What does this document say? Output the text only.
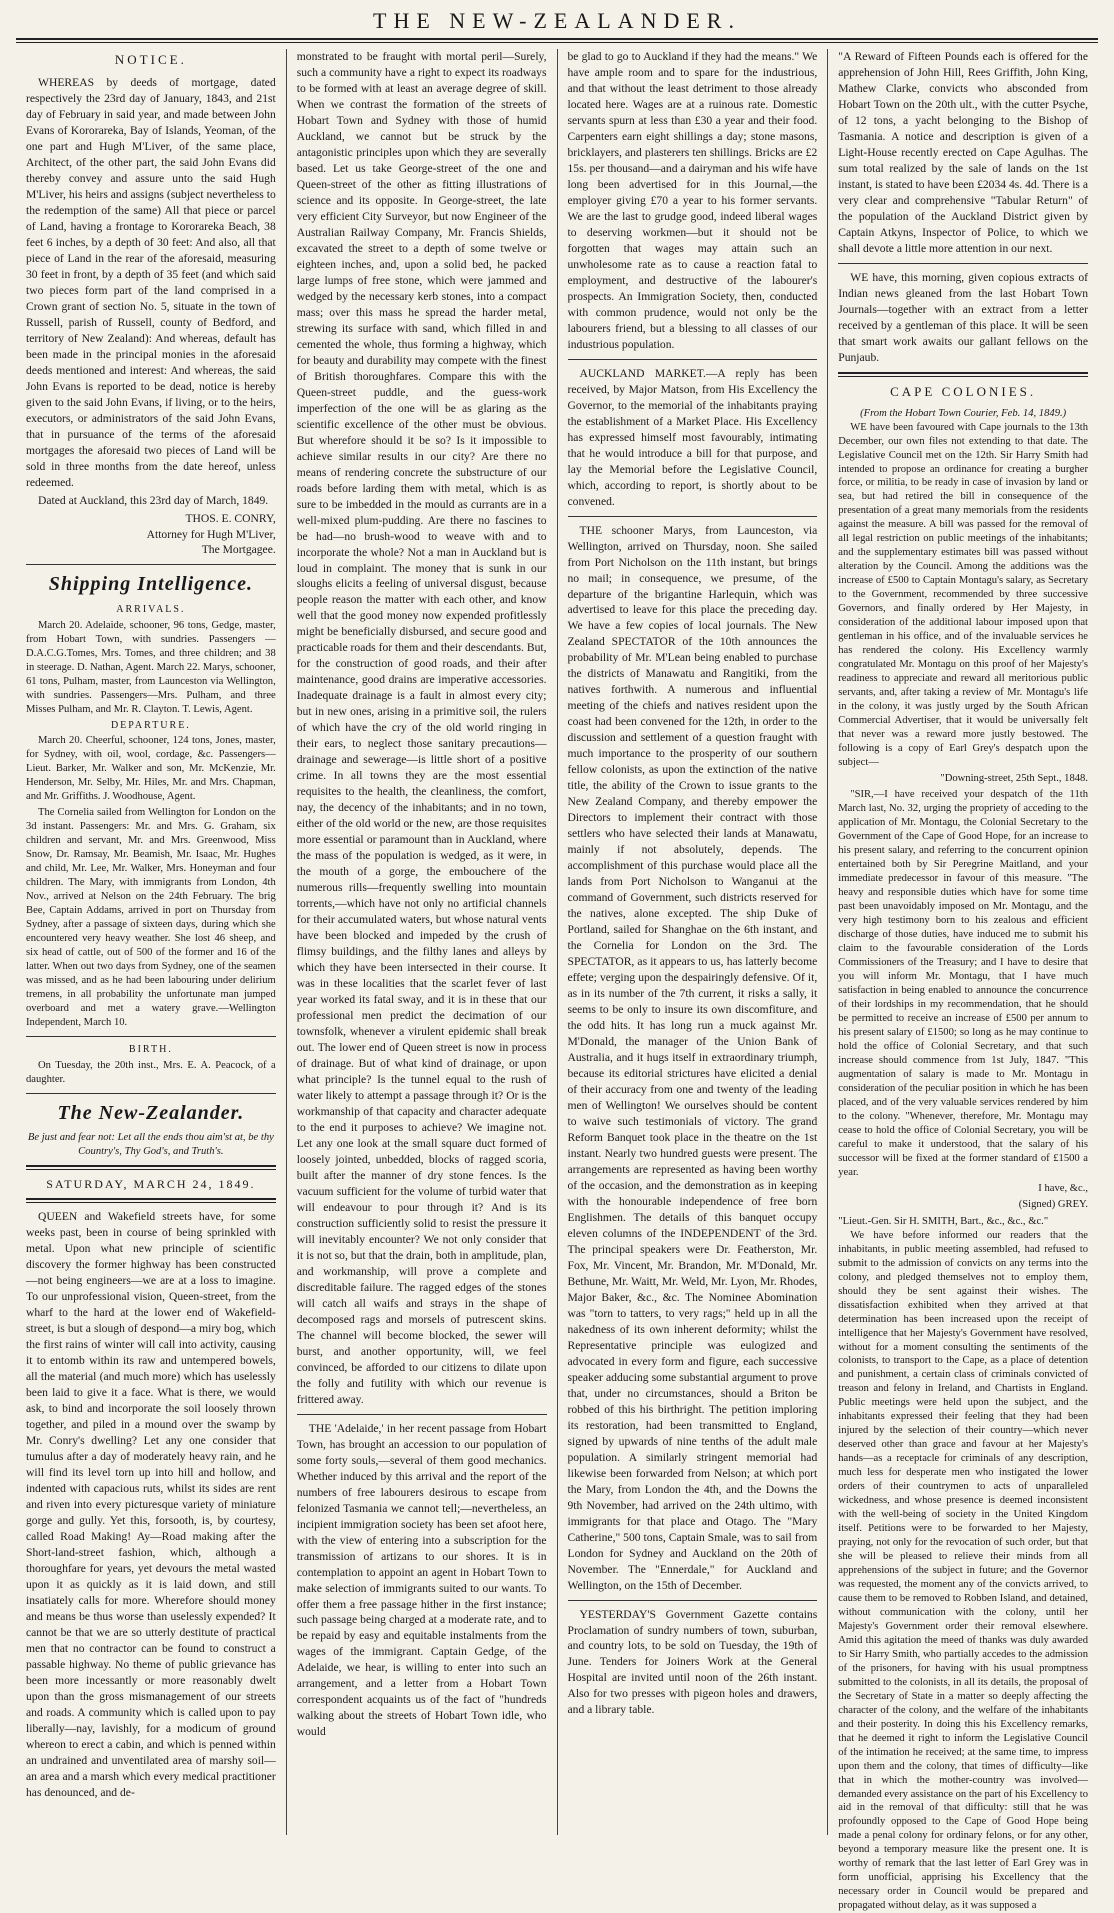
THE NEW-ZEALANDER.
NOTICE.

WHEREAS by deeds of mortgage, dated respectively the 23rd day of January, 1843, and 21st day of February in said year, and made between John Evans of Kororareka, Bay of Islands, Yeoman, of the one part and Hugh M'Liver, of the same place, Architect, of the other part, the said John Evans did thereby convey and assure unto the said Hugh M'Liver, his heirs and assigns (subject nevertheless to the redemption of the same) All that piece or parcel of Land, having a frontage to Kororareka Beach, 38 feet 6 inches, by a depth of 30 feet: And also, all that piece of Land in the rear of the aforesaid, measuring 30 feet in front, by a depth of 35 feet (and which said two pieces form part of the land comprised in a Crown grant of section No. 5, situate in the town of Russell, parish of Russell, county of Bedford, and territory of New Zealand): And whereas, default has been made in the principal monies in the aforesaid deeds mentioned and interest: And whereas, the said John Evans is reported to be dead, notice is hereby given to the said John Evans, if living, or to the heirs, executors, or administrators of the said John Evans, that in pursuance of the terms of the aforesaid mortgages the aforesaid two pieces of Land will be sold in three months from the date hereof, unless redeemed.

Dated at Auckland, this 23rd day of March, 1849.

THOS. E. CONRY,
Attorney for Hugh M'Liver,
The Mortgagee.
Shipping Intelligence.
ARRIVALS.

March 20. Adelaide, schooner, 96 tons, Gedge, master, from Hobart Town, with sundries. Passengers —D.A.C.G.Tomes, Mrs. Tomes, and three children; and 38 in steerage. D. Nathan, Agent. March 22. Marys, schooner, 61 tons, Pulham, master, from Launceston via Wellington, with sundries. Passengers—Mrs. Pulham, and three Misses Pulham, and Mr. R. Clayton. T. Lewis, Agent.

DEPARTURE.

March 20. Cheerful, schooner, 124 tons, Jones, master, for Sydney, with oil, wool, cordage, &c. Passengers—Lieut. Barker, Mr. Walker and son, Mr. McKenzie, Mr. Henderson, Mr. Selby, Mr. Hiles, Mr. and Mrs. Chapman, and Mr. Griffiths. J. Woodhouse, Agent.

The Cornelia sailed from Wellington for London on the 3d instant. Passengers: Mr. and Mrs. G. Graham, six children and servant, Mr. and Mrs. Greenwood, Miss Snow, Dr. Ramsay, Mr. Beamish, Mr. Isaac, Mr. Hughes and child, Mr. Lee, Mr. Walker, Mrs. Honeyman and four children. The Mary, with immigrants from London, 4th Nov., arrived at Nelson on the 24th February. The brig Bee, Captain Addams, arrived in port on Thursday from Sydney, after a passage of sixteen days, during which she encountered very heavy weather. She lost 46 sheep, and six head of cattle, out of 500 of the former and 16 of the latter. When out two days from Sydney, one of the seamen was missed, and as he had been labouring under delirium tremens, in all probability the unfortunate man jumped overboard and met a watery grave.—Wellington Independent, March 10.

BIRTH.

On Tuesday, the 20th inst., Mrs. E. A. Peacock, of a daughter.

The New-Zealander.
Be just and fear not: Let all the ends thou aim'st at, be thy Country's, Thy God's, and Truth's.
SATURDAY, MARCH 24, 1849.

QUEEN and Wakefield streets have, for some weeks past, been in course of being sprinkled with metal. Upon what new principle of scientific discovery the former highway has been constructed—not being engineers—we are at a loss to imagine. To our unprofessional vision, Queen-street, from the wharf to the hard at the lower end of Wakefield-street, is but a slough of despond—a miry bog, which the first rains of winter will call into activity, causing it to entomb within its raw and untempered bowels, all the material (and much more) which has uselessly been laid to give it a face. What is there, we would ask, to bind and incorporate the soil loosely thrown together, and piled in a mound over the swamp by Mr. Conry's dwelling? Let any one consider that tumulus after a day of moderately heavy rain, and he will find its level torn up into hill and hollow, and indented with capacious ruts, whilst its sides are rent and riven into every picturesque variety of miniature gorge and gully. Yet this, forsooth, is, by courtesy, called Road Making! Ay—Road making after the Short-land-street fashion, which, although a thoroughfare for years, yet devours the metal wasted upon it as quickly as it is laid down, and still insatiately calls for more. Wherefore should money and means be thus worse than uselessly expended? It cannot be that we are so utterly destitute of practical men that no contractor can be found to construct a passable highway. No theme of public grievance has been more incessantly or more reasonably dwelt upon than the gross mismanagement of our streets and roads. A community which is called upon to pay liberally—nay, lavishly, for a modicum of ground whereon to erect a cabin, and which is penned within an undrained and unventilated area of marshy soil—an area and a marsh which every medical practitioner has denounced, and de-

monstrated to be fraught with mortal peril—Surely, such a community have a right to expect its roadways to be formed with at least an average degree of skill. When we contrast the formation of the streets of Hobart Town and Sydney with those of humid Auckland, we cannot but be struck by the antagonistic principles upon which they are severally based. Let us take George-street of the one and Queen-street of the other as fitting illustrations of science and its opposite. In George-street, the late very efficient City Surveyor, but now Engineer of the Australian Railway Company, Mr. Francis Shields, excavated the street to a depth of some twelve or eighteen inches, and, upon a solid bed, he packed large lumps of free stone, which were jammed and wedged by the necessary kerb stones, into a compact mass; over this mass he spread the harder metal, strewing its surface with sand, which filled in and cemented the whole, thus forming a highway, which for beauty and durability may compete with the finest of British thoroughfares. Compare this with the Queen-street puddle, and the guess-work imperfection of the one will be as glaring as the scientific excellence of the other must be obvious. But wherefore should it be so? Is it impossible to achieve similar results in our city? Are there no means of rendering concrete the substructure of our roads before larding them with metal, which is as sure to be imbedded in the mould as currants are in a well-mixed plum-pudding. Are there no fascines to be had—no brush-wood to weave with and to incorporate the whole? Not a man in Auckland but is loud in complaint. The money that is sunk in our sloughs elicits a feeling of universal disgust, because people reason the matter with each other, and know well that the good money now expended profitlessly might be beneficially disbursed, and secure good and practicable roads for them and their descendants. But, for the construction of good roads, and their after maintenance, good drains are imperative accessories. Inadequate drainage is a fault in almost every city; but in new ones, arising in a primitive soil, the rulers of which have the cry of the old world ringing in their ears, to neglect those sanitary precautions—drainage and sewerage—is little short of a positive crime. In all towns they are the most essential requisites to the health, the cleanliness, the comfort, nay, the decency of the inhabitants; and in no town, either of the old world or the new, are those requisites more essential or paramount than in Auckland, where the mass of the population is wedged, as it were, in the mouth of a gorge, the embouchere of the numerous rills—frequently swelling into mountain torrents,—which have not only no artificial channels for their accumulated waters, but whose natural vents have been blocked and impeded by the crush of flimsy buildings, and the filthy lanes and alleys by which they have been intersected in their course. It was in these localities that the scarlet fever of last year worked its fatal sway, and it is in these that our professional men predict the decimation of our townsfolk, whenever a virulent epidemic shall break out. The lower end of Queen street is now in process of drainage. But of what kind of drainage, or upon what principle? Is the tunnel equal to the rush of water likely to attempt a passage through it? Or is the workmanship of that capacity and character adequate to the end it purposes to achieve? We imagine not. Let any one look at the small square duct formed of loosely jointed, unbedded, blocks of ragged scoria, built after the manner of dry stone fences. Is the vacuum sufficient for the volume of turbid water that will endeavour to pour through it? And is its construction sufficiently solid to resist the pressure it will inevitably encounter? We not only consider that it is not so, but that the drain, both in amplitude, plan, and workmanship, will prove a complete and discreditable failure. The ragged edges of the stones will catch all waifs and strays in the shape of decomposed rags and morsels of putrescent skins. The channel will become blocked, the sewer will burst, and another opportunity, will, we feel convinced, be afforded to our citizens to dilate upon the folly and futility with which our revenue is frittered away.

THE 'Adelaide,' in her recent passage from Hobart Town, has brought an accession to our population of some forty souls,—several of them good mechanics. Whether induced by this arrival and the report of the numbers of free labourers desirous to escape from felonized Tasmania we cannot tell;—nevertheless, an incipient immigration society has been set afoot here, with the view of entering into a subscription for the transmission of artizans to our shores. It is in contemplation to appoint an agent in Hobart Town to make selection of immigrants suited to our wants. To offer them a free passage hither in the first instance; such passage being charged at a moderate rate, and to be repaid by easy and equitable instalments from the wages of the immigrant. Captain Gedge, of the Adelaide, we hear, is willing to enter into such an arrangement, and a letter from a Hobart Town correspondent acquaints us of the fact of "hundreds walking about the streets of Hobart Town idle, who would

be glad to go to Auckland if they had the means." We have ample room and to spare for the industrious, and that without the least detriment to those already located here. Wages are at a ruinous rate. Domestic servants spurn at less than £30 a year and their food. Carpenters earn eight shillings a day; stone masons, bricklayers, and plasterers ten shillings. Bricks are £2 15s. per thousand—and a dairyman and his wife have long been advertised for in this Journal,—the employer giving £70 a year to his former servants. We are the last to grudge good, indeed liberal wages to deserving workmen—but it should not be forgotten that wages may attain such an unwholesome rate as to cause a reaction fatal to employment, and destructive of the labourer's prospects. An Immigration Society, then, conducted with common prudence, would not only be the labourers friend, but a blessing to all classes of our industrious population.

AUCKLAND MARKET.—A reply has been received, by Major Matson, from His Excellency the Governor, to the memorial of the inhabitants praying the establishment of a Market Place. His Excellency has expressed himself most favourably, intimating that he would introduce a bill for that purpose, and lay the Memorial before the Legislative Council, which, according to report, is shortly about to be convened.

THE schooner Marys, from Launceston, via Wellington, arrived on Thursday, noon. She sailed from Port Nicholson on the 11th instant, but brings no mail; in consequence, we presume, of the departure of the brigantine Harlequin, which was advertised to leave for this place the preceding day. We have a few copies of local journals. The New Zealand SPECTATOR of the 10th announces the probability of Mr. M'Lean being enabled to purchase the districts of Manawatu and Rangitiki, from the natives forthwith. A numerous and influential meeting of the chiefs and natives resident upon the coast had been convened for the 12th, in order to the discussion and settlement of a question fraught with much importance to the prosperity of our southern fellow colonists, as upon the extinction of the native title, the ability of the Crown to issue grants to the New Zealand Company, and thereby empower the Directors to implement their contract with those settlers who have selected their lands at Manawatu, mainly if not absolutely, depends. The accomplishment of this purchase would place all the lands from Port Nicholson to Wanganui at the command of Government, such districts reserved for the natives, alone excepted. The ship Duke of Portland, sailed for Shanghae on the 6th instant, and the Cornelia for London on the 3rd. The SPECTATOR, as it appears to us, has latterly become effete; verging upon the despairingly defensive. Of it, as in its number of the 7th current, it risks a sally, it seems to be only to insure its own discomfiture, and the odd hits. It has long run a muck against Mr. M'Donald, the manager of the Union Bank of Australia, and it hugs itself in extraordinary triumph, because its editorial strictures have elicited a denial of their accuracy from one and twenty of the leading men of Wellington! We ourselves should be content to waive such testimonials of victory. The grand Reform Banquet took place in the theatre on the 1st instant. Nearly two hundred guests were present. The arrangements are represented as having been worthy of the occasion, and the demonstration as in keeping with the honourable independence of free born Englishmen. The details of this banquet occupy eleven columns of the INDEPENDENT of the 3rd. The principal speakers were Dr. Featherston, Mr. Fox, Mr. Vincent, Mr. Brandon, Mr. M'Donald, Mr. Bethune, Mr. Waitt, Mr. Weld, Mr. Lyon, Mr. Rhodes, Major Baker, &c., &c. The Nominee Abomination was "torn to tatters, to very rags;" held up in all the nakedness of its own inherent deformity; whilst the Representative principle was eulogized and advocated in every form and figure, each successive speaker adducing some substantial argument to prove that, under no circumstances, should a Briton be robbed of this his birthright. The petition imploring its restoration, had been transmitted to England, signed by upwards of nine tenths of the adult male population. A similarly stringent memorial had likewise been forwarded from Nelson; at which port the Mary, from London the 4th, and the Downs the 9th November, had arrived on the 24th ultimo, with immigrants for that place and Otago. The "Mary Catherine," 500 tons, Captain Smale, was to sail from London for Sydney and Auckland on the 20th of November. The "Ennerdale," for Auckland and Wellington, on the 15th of December.

YESTERDAY'S Government Gazette contains Proclamation of sundry numbers of town, suburban, and country lots, to be sold on Tuesday, the 19th of June. Tenders for Joiners Work at the General Hospital are invited until noon of the 26th instant. Also for two presses with pigeon holes and drawers, and a library table.

"A Reward of Fifteen Pounds each is offered for the apprehension of John Hill, Rees Griffith, John King, Mathew Clarke, convicts who absconded from Hobart Town on the 20th ult., with the cutter Psyche, of 12 tons, a yacht belonging to the Bishop of Tasmania. A notice and description is given of a Light-House recently erected on Cape Agulhas. The sum total realized by the sale of lands on the 1st instant, is stated to have been £2034 4s. 4d. There is a very clear and comprehensive "Tabular Return" of the population of the Auckland District given by Captain Atkyns, Inspector of Police, to which we shall devote a little more attention in our next.

WE have, this morning, given copious extracts of Indian news gleaned from the last Hobart Town Journals—together with an extract from a letter received by a gentleman of this place. It will be seen that smart work awaits our gallant fellows on the Punjaub.

CAPE COLONIES.
(From the Hobart Town Courier, Feb. 14, 1849.)

WE have been favoured with Cape journals to the 13th December, our own files not extending to that date. The Legislative Council met on the 12th. Sir Harry Smith had intended to propose an ordinance for creating a burgher force, or militia, to be ready in case of invasion by land or sea, but had retired the bill in consequence of the presentation of a great many memorials from the residents against the measure. A bill was passed for the removal of all legal restriction on public meetings of the inhabitants; and the supplementary estimates bill was passed without alteration by the Council. Among the additions was the increase of £500 to Captain Montagu's salary, as Secretary to the Government, recommended by three successive Governors, and finally ordered by Her Majesty, in consideration of the additional labour imposed upon that gentleman in his office, and of the invaluable services he has rendered the colony. His Excellency warmly congratulated Mr. Montagu on this proof of her Majesty's readiness to appreciate and reward all meritorious public servants, and, after taking a review of Mr. Montagu's life in the colony, it was justly urged by the South African Commercial Advertiser, that it would be universally felt that never was a reward more justly bestowed. The following is a copy of Earl Grey's despatch upon the subject—

"Downing-street, 25th Sept., 1848.

"SIR,—I have received your despatch of the 11th March last, No. 32, urging the propriety of acceding to the application of Mr. Montagu, the Colonial Secretary to the Government of the Cape of Good Hope, for an increase to his present salary, and referring to the concurrent opinion entertained both by Sir Peregrine Maitland, and your immediate predecessor in favour of this measure. "The heavy and responsible duties which have for some time past been unavoidably imposed on Mr. Montagu, and the very high testimony born to his zealous and efficient discharge of those duties, have induced me to submit his claim to the favourable consideration of the Lords Commissioners of the Treasury; and I have to desire that you will inform Mr. Montagu, that I have much satisfaction in being enabled to announce the concurrence of their lordships in my recommendation, that he should be permitted to receive an increase of £500 per annum to his present salary of £1500; so long as he may continue to hold the office of Colonial Secretary, and that such increase should commence from 1st July, 1847. "This augmentation of salary is made to Mr. Montagu in consideration of the peculiar position in which he has been placed, and of the very valuable services rendered by him to the colony. "Whenever, therefore, Mr. Montagu may cease to hold the office of Colonial Secretary, you will be careful to make it understood, that the salary of his successor will be fixed at the former standard of £1500 a year.

I have, &c.,
(Signed) GREY.
"Lieut.-Gen. Sir H. SMITH, Bart., &c., &c., &c."

We have before informed our readers that the inhabitants, in public meeting assembled, had refused to submit to the admission of convicts on any terms into the colony, and pledged themselves not to employ them, should they be sent against their wishes. The dissatisfaction exhibited when they arrived at that determination has been increased upon the receipt of intelligence that her Majesty's Government have resolved, without for a moment consulting the sentiments of the colonists, to transport to the Cape, as a place of detention and punishment, a certain class of criminals convicted of treason and felony in Ireland, and Chartists in England. Public meetings were held upon the subject, and the inhabitants expressed their feeling that they had been injured by the selection of their country—which never deserved other than grace and favour at her Majesty's hands—as a receptacle for criminals of any description, much less for desperate men who instigated the lower orders of their countrymen to acts of unparalleled wickedness, and whose presence is deemed inconsistent with the well-being of society in the United Kingdom itself. Petitions were to be forwarded to her Majesty, praying, not only for the revocation of such order, but that she will be pleased to relieve their minds from all apprehensions of the subject in future; and the Governor was requested, the moment any of the convicts arrived, to cause them to be removed to Robben Island, and detained, without communication with the colony, until her Majesty's Government order their removal elsewhere. Amid this agitation the meed of thanks was duly awarded to Sir Harry Smith, who partially accedes to the admission of the prisoners, for having with his usual promptness submitted to the colonists, in all its details, the proposal of the Secretary of State in a matter so deeply affecting the character of the colony, and the welfare of the inhabitants and their posterity. In doing this his Excellency remarks, that he deemed it right to inform the Legislative Council of the intimation he received; at the same time, to impress upon them and the colony, that times of difficulty—like that in which the mother-country was involved—demanded every assistance on the part of his Excellency to aid in the removal of that difficulty: still that he was profoundly opposed to the Cape of Good Hope being made a penal colony for ordinary felons, or for any other, beyond a temporary measure like the present one. It is worthy of remark that the last letter of Earl Grey was in form unofficial, apprising his Excellency that the necessary order in Council would be prepared and propagated without delay, as it was supposed a
